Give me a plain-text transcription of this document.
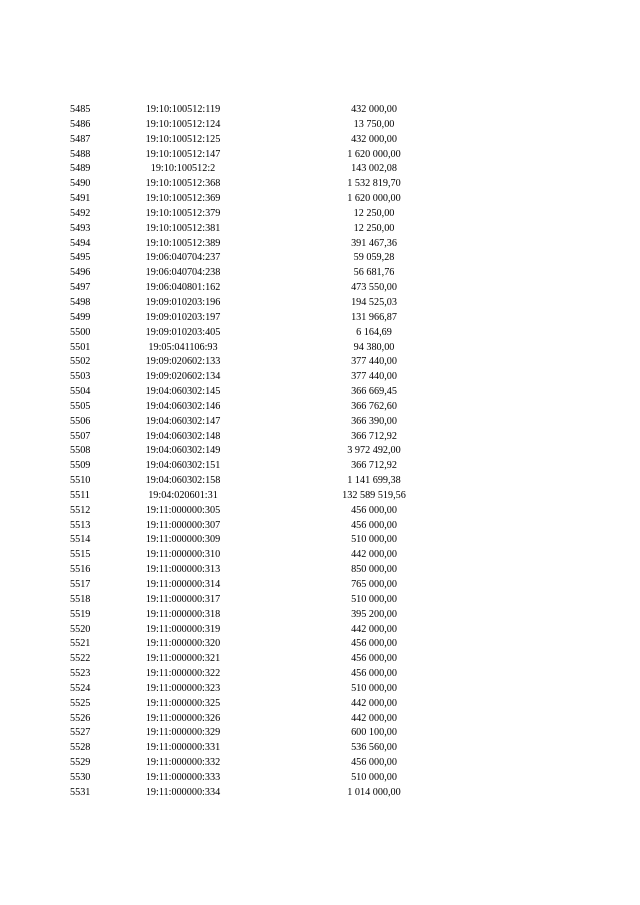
5485	19:10:100512:119	432 000,00
5486	19:10:100512:124	13 750,00
5487	19:10:100512:125	432 000,00
5488	19:10:100512:147	1 620 000,00
5489	19:10:100512:2	143 002,08
5490	19:10:100512:368	1 532 819,70
5491	19:10:100512:369	1 620 000,00
5492	19:10:100512:379	12 250,00
5493	19:10:100512:381	12 250,00
5494	19:10:100512:389	391 467,36
5495	19:06:040704:237	59 059,28
5496	19:06:040704:238	56 681,76
5497	19:06:040801:162	473 550,00
5498	19:09:010203:196	194 525,03
5499	19:09:010203:197	131 966,87
5500	19:09:010203:405	6 164,69
5501	19:05:041106:93	94 380,00
5502	19:09:020602:133	377 440,00
5503	19:09:020602:134	377 440,00
5504	19:04:060302:145	366 669,45
5505	19:04:060302:146	366 762,60
5506	19:04:060302:147	366 390,00
5507	19:04:060302:148	366 712,92
5508	19:04:060302:149	3 972 492,00
5509	19:04:060302:151	366 712,92
5510	19:04:060302:158	1 141 699,38
5511	19:04:020601:31	132 589 519,56
5512	19:11:000000:305	456 000,00
5513	19:11:000000:307	456 000,00
5514	19:11:000000:309	510 000,00
5515	19:11:000000:310	442 000,00
5516	19:11:000000:313	850 000,00
5517	19:11:000000:314	765 000,00
5518	19:11:000000:317	510 000,00
5519	19:11:000000:318	395 200,00
5520	19:11:000000:319	442 000,00
5521	19:11:000000:320	456 000,00
5522	19:11:000000:321	456 000,00
5523	19:11:000000:322	456 000,00
5524	19:11:000000:323	510 000,00
5525	19:11:000000:325	442 000,00
5526	19:11:000000:326	442 000,00
5527	19:11:000000:329	600 100,00
5528	19:11:000000:331	536 560,00
5529	19:11:000000:332	456 000,00
5530	19:11:000000:333	510 000,00
5531	19:11:000000:334	1 014 000,00
